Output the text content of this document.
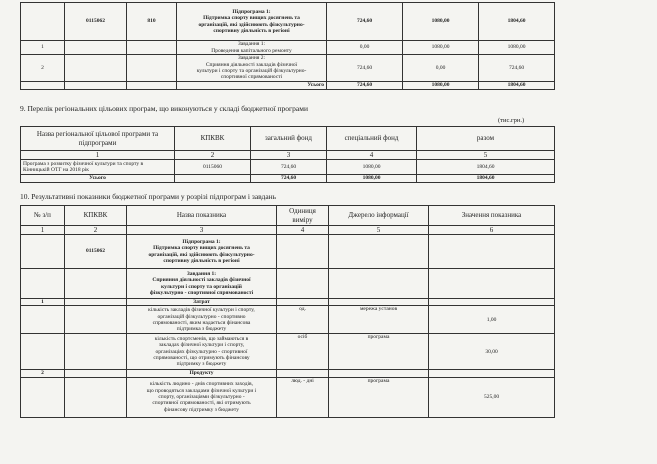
	0115062	810	Підпрограма 1:
Підтримка спорту вищих досягнень та
організацій, які здійснюють фізкультурно-
спортивну діяльність в регіоні	724,60	1080,00	1804,60
1			Завдання 1:
Проведення капітального ремонту	0,00	1080,00	1080,00
2			Завдання 2:
Сприяння діяльності закладів фізичної
культури і спорту та організацій фізкультурно-
спортивної спрямованості	724,60	0,00	724,60
			Усього	724,60	1080,00	1804,60
9. Перелік регіональних цільових програм, що виконуються у складі бюджетної програми
(тис.грн.)
Назва регіональної цільової програми та підпрограми	КПКВК	загальний фонд	спеціальний фонд	разом
1	2	3	4	5

Програма з розвитку фізичної культури та спорту в
Кінницькій ОТГ на 2018 рік	0115060	724,60	1080,00	1804,60
Усього		724,60	1080,00	1804,60
10. Результативні показники бюджетної програми у розрізі підпрограм і завдань
№ з/п	КПКВК	Назва показника	Одиниця виміру	Джерело інформації	Значення показника
1	2	3	4	5	6
	0115062	Підпрограма 1:
Підтримка спорту вищих досягнень та
організацій, які здійснюють фізкультурно-
спортивну діяльність в регіоні			

		Завдання 1:
Сприяння діяльності закладів фізичної
культури і спорту та організацій
фізкультурно - спортивної спрямованості			

1		Затрат			

		кількість закладів фізичної культури і спорту,
організацій фізкультурно - спортивно
спрямованості, яким надається фінансова
підтримка з бюджету	од.	мережа установ	1,00

		кількість спортсменів, що займаються в
закладах фізичної культури і спорту,
організаціях фізкультурно - спортивної
спрямованості, що отримують фінансову
підтримку з бюджету	осіб	програма	30,00
2		Продукту			

		кількість людино - днів спортивних заходів,
що проводяться закладами фізичної культури і
спорту, організаціями фізкультурно -
спортивної спрямованості, які отримують
фінансову підтримку з бюджету	люд. - дні	програма	525,00
